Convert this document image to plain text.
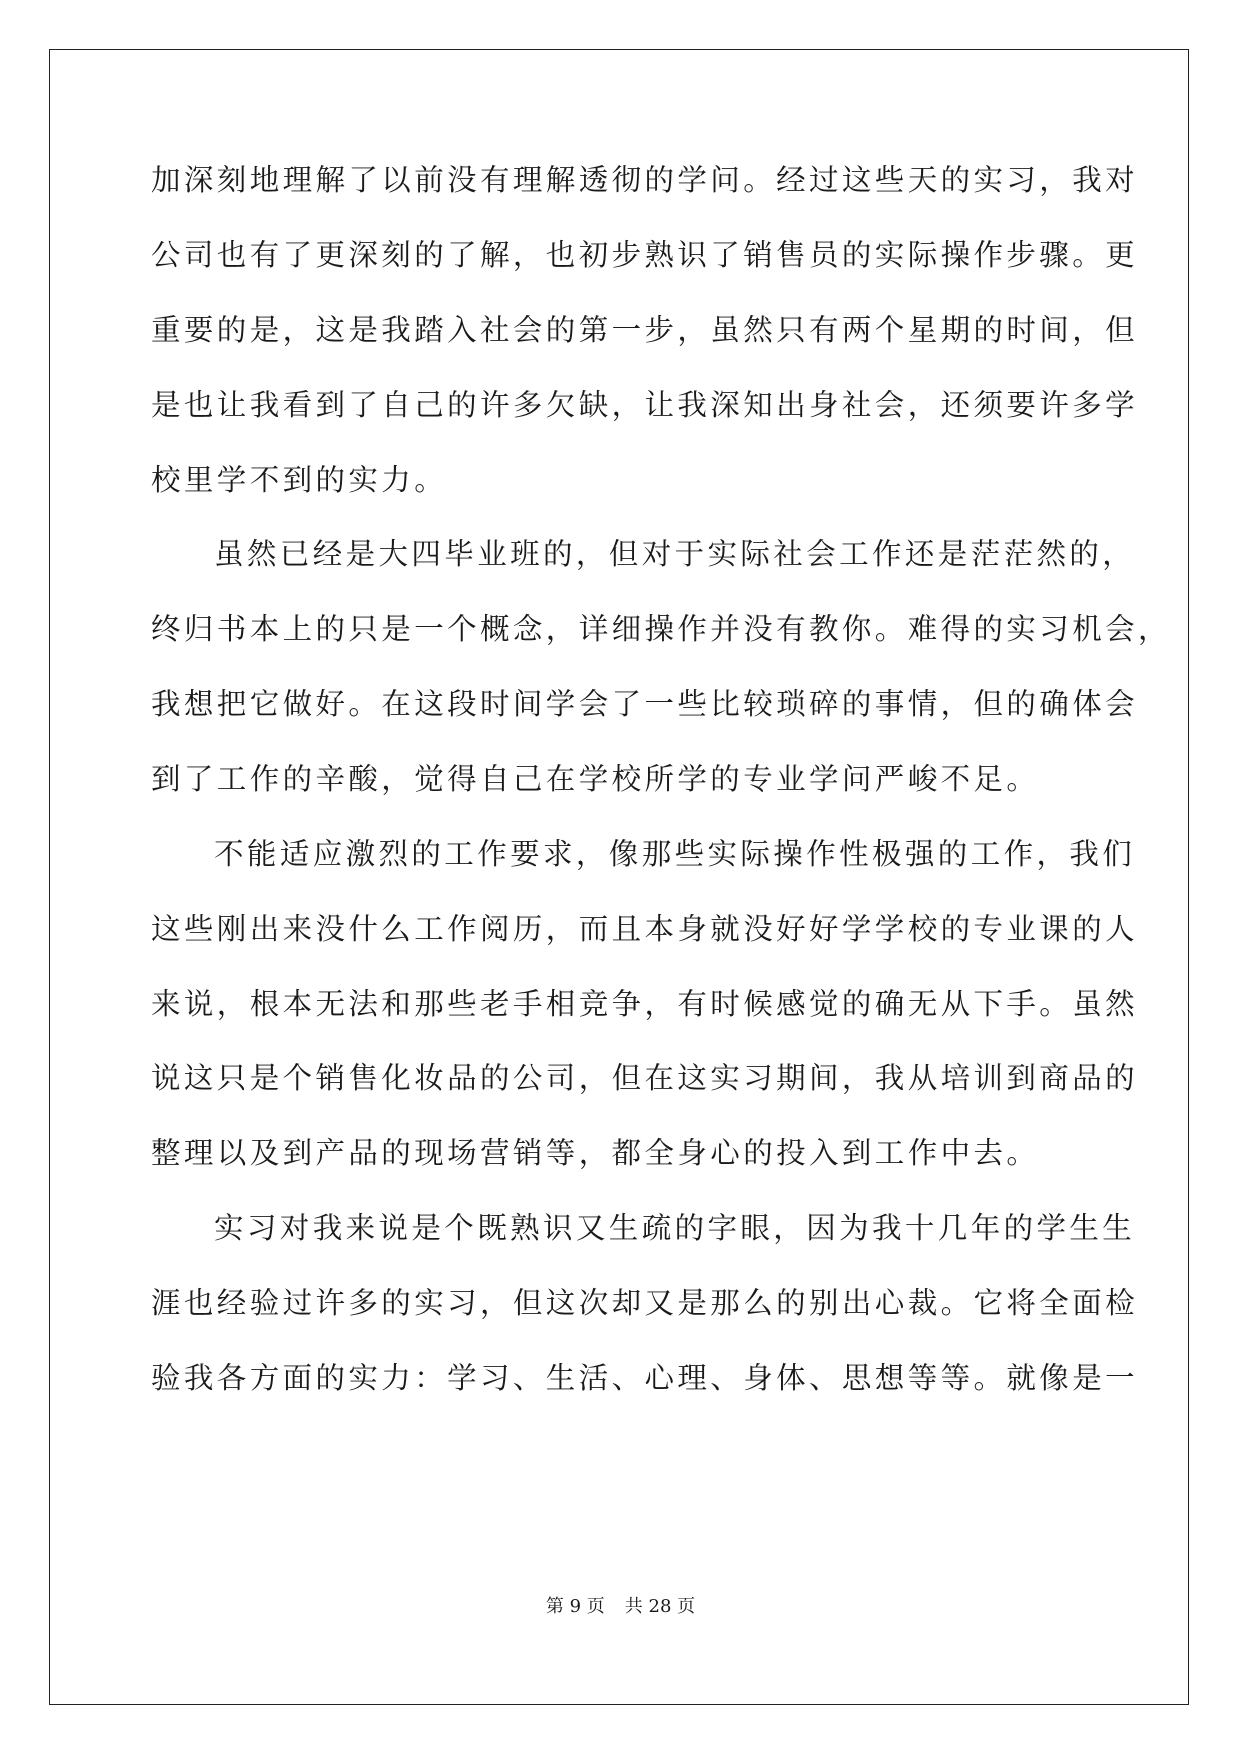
加深刻地理解了以前没有理解透彻的学问。经过这些天的实习，我对
公司也有了更深刻的了解，也初步熟识了销售员的实际操作步骤。更
重要的是，这是我踏入社会的第一步，虽然只有两个星期的时间，但
是也让我看到了自己的许多欠缺，让我深知出身社会，还须要许多学
校里学不到的实力。
虽然已经是大四毕业班的，但对于实际社会工作还是茫茫然的，
终归书本上的只是一个概念，详细操作并没有教你。难得的实习机会，
我想把它做好。在这段时间学会了一些比较琐碎的事情，但的确体会
到了工作的辛酸，觉得自己在学校所学的专业学问严峻不足。
不能适应激烈的工作要求，像那些实际操作性极强的工作，我们
这些刚出来没什么工作阅历，而且本身就没好好学学校的专业课的人
来说，根本无法和那些老手相竞争，有时候感觉的确无从下手。虽然
说这只是个销售化妆品的公司，但在这实习期间，我从培训到商品的
整理以及到产品的现场营销等，都全身心的投入到工作中去。
实习对我来说是个既熟识又生疏的字眼，因为我十几年的学生生
涯也经验过许多的实习，但这次却又是那么的别出心裁。它将全面检
验我各方面的实力：学习、生活、心理、身体、思想等等。就像是一
第 9 页 共 28 页
